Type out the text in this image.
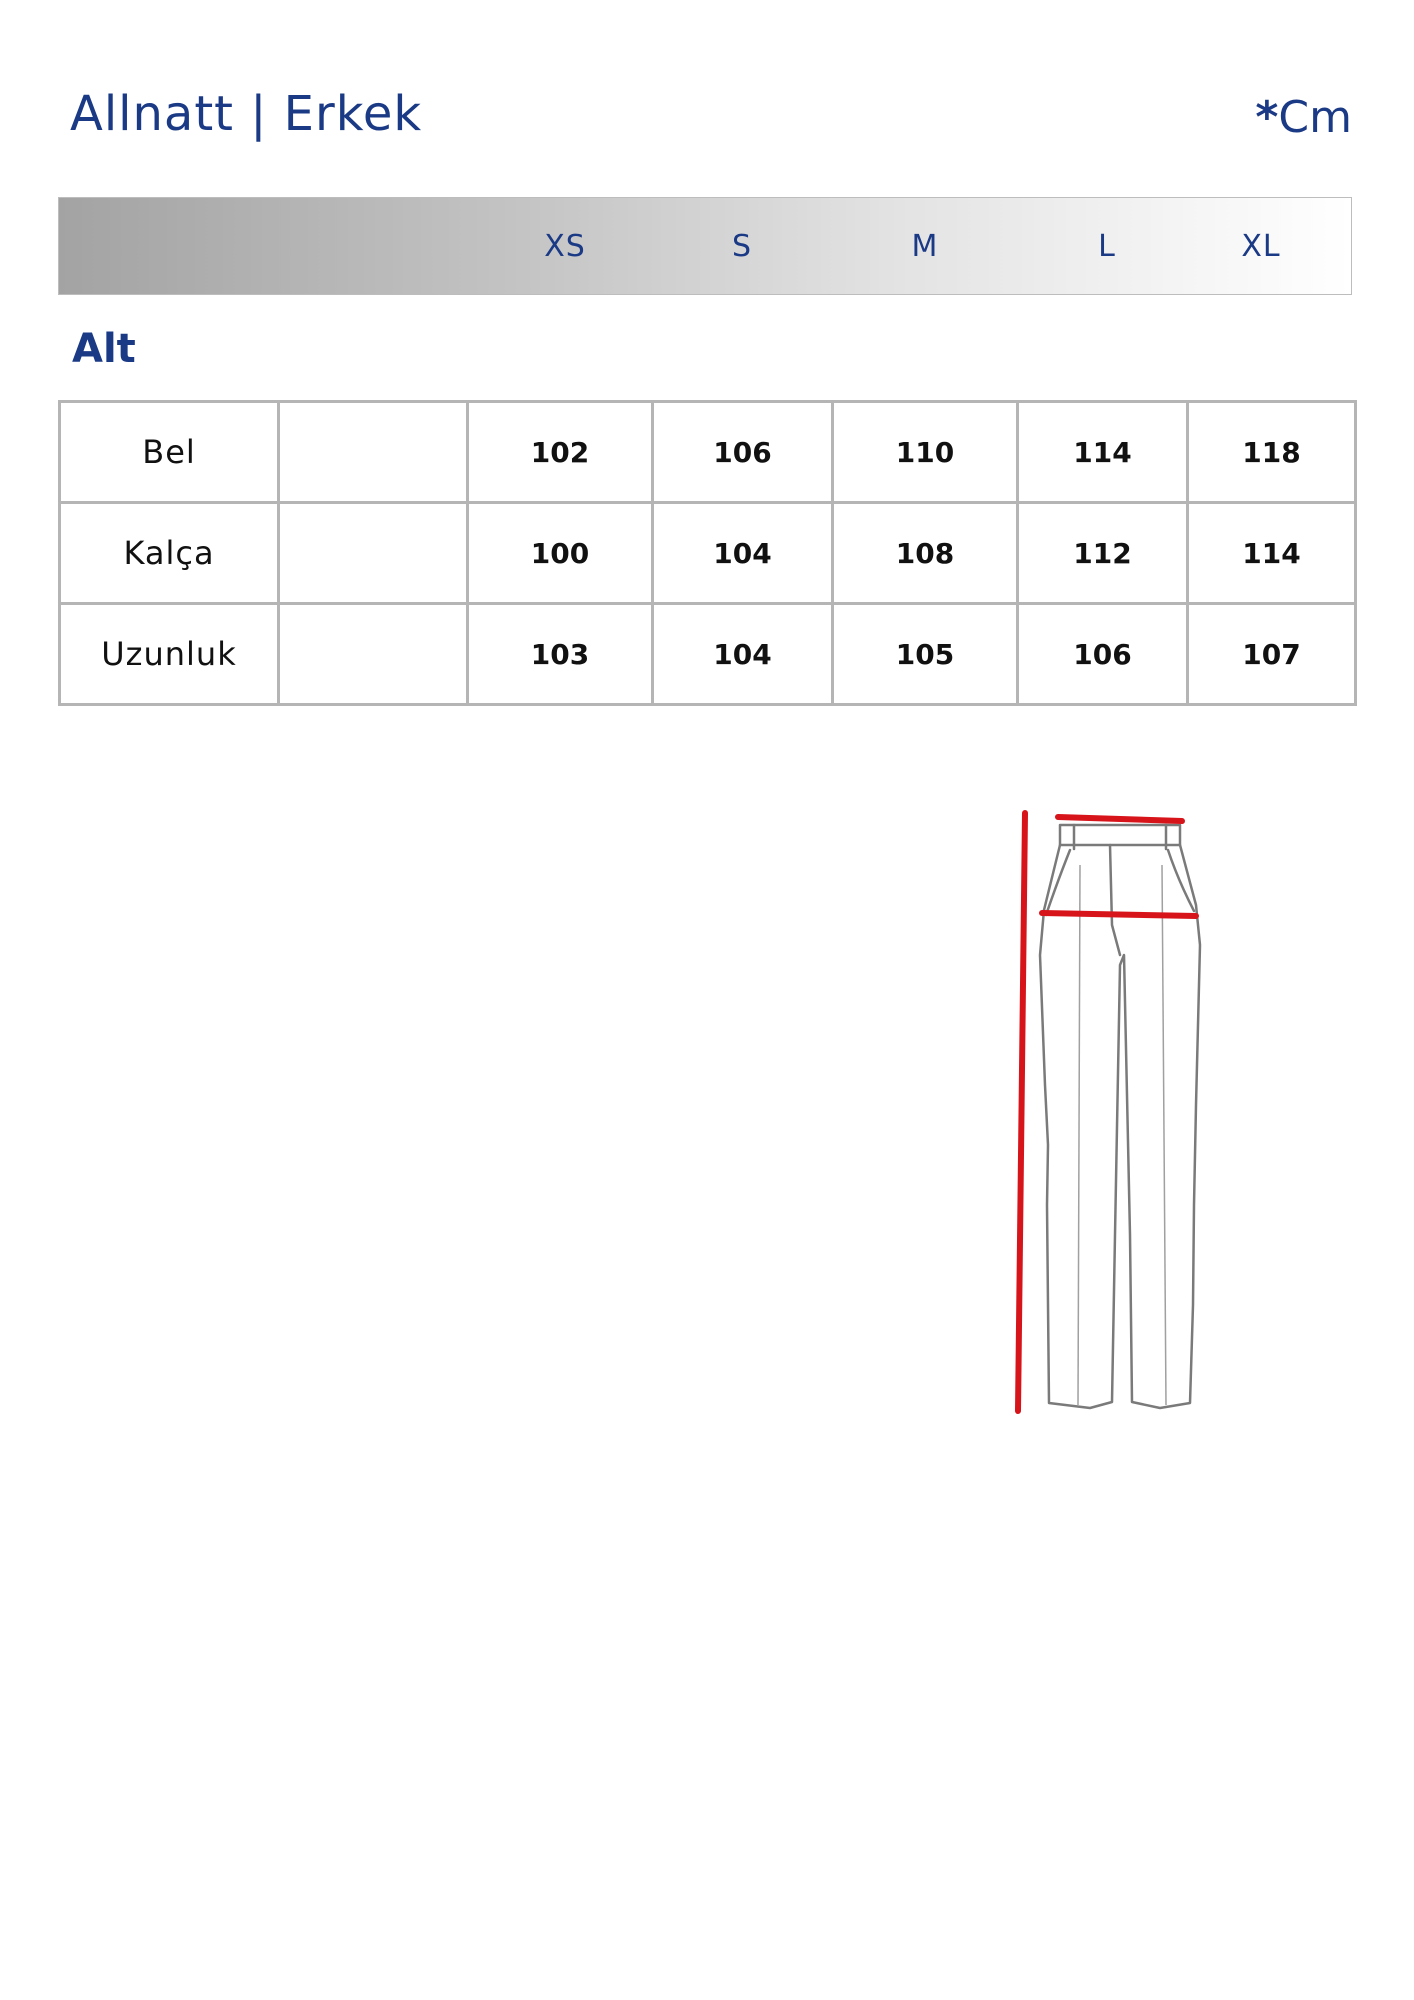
Allnatt | Erkek	*Cm
XS	S	M	L	XL
Alt
Bel		102	106	110	114	118
Kalça		100	104	108	112	114
Uzunluk		103	104	105	106	107
